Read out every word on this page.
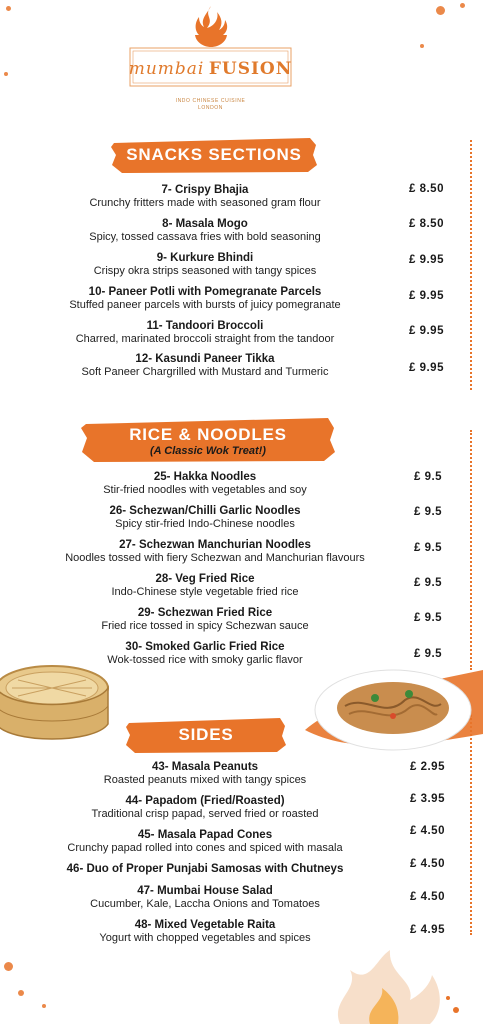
mumbai FUSION
INDO CHINESE CUISINE
LONDON
SNACKS SECTIONS
7- Crispy Bhajia
Crunchy fritters made with seasoned gram flour
£ 8.50
8- Masala Mogo
Spicy, tossed cassava fries with bold seasoning
£ 8.50
9- Kurkure Bhindi
Crispy okra strips seasoned with tangy spices
£ 9.95
10- Paneer Potli with Pomegranate Parcels
Stuffed paneer parcels with bursts of juicy pomegranate
£ 9.95
11- Tandoori Broccoli
Charred, marinated broccoli straight from the tandoor
£ 9.95
12- Kasundi Paneer Tikka
Soft Paneer Chargrilled with Mustard and Turmeric	£ 9.95
RICE & NOODLES
(A Classic Wok Treat!)
25- Hakka Noodles
Stir-fried noodles with vegetables and soy
£ 9.5
26- Schezwan/Chilli Garlic Noodles
Spicy stir-fried Indo-Chinese noodles
£ 9.5
27- Schezwan Manchurian Noodles
Noodles tossed with fiery Schezwan and Manchurian flavours
£ 9.5
28- Veg Fried Rice
Indo-Chinese style vegetable fried rice
£ 9.5
29- Schezwan Fried Rice
Fried rice tossed in spicy Schezwan sauce
£ 9.5
30- Smoked Garlic Fried Rice
Wok-tossed rice with smoky garlic flavor	£ 9.5
SIDES
43- Masala Peanuts
Roasted peanuts mixed with tangy spices
£ 2.95
44- Papadom (Fried/Roasted)
Traditional crisp papad, served fried or roasted
£ 3.95
45- Masala Papad Cones
Crunchy papad rolled into cones and spiced with masala
£ 4.50
46- Duo of Proper Punjabi Samosas with Chutneys	£ 4.50
47- Mumbai House Salad
Cucumber, Kale, Laccha Onions and Tomatoes
£ 4.50
48- Mixed Vegetable Raita
Yogurt with chopped vegetables and spices
£ 4.95
